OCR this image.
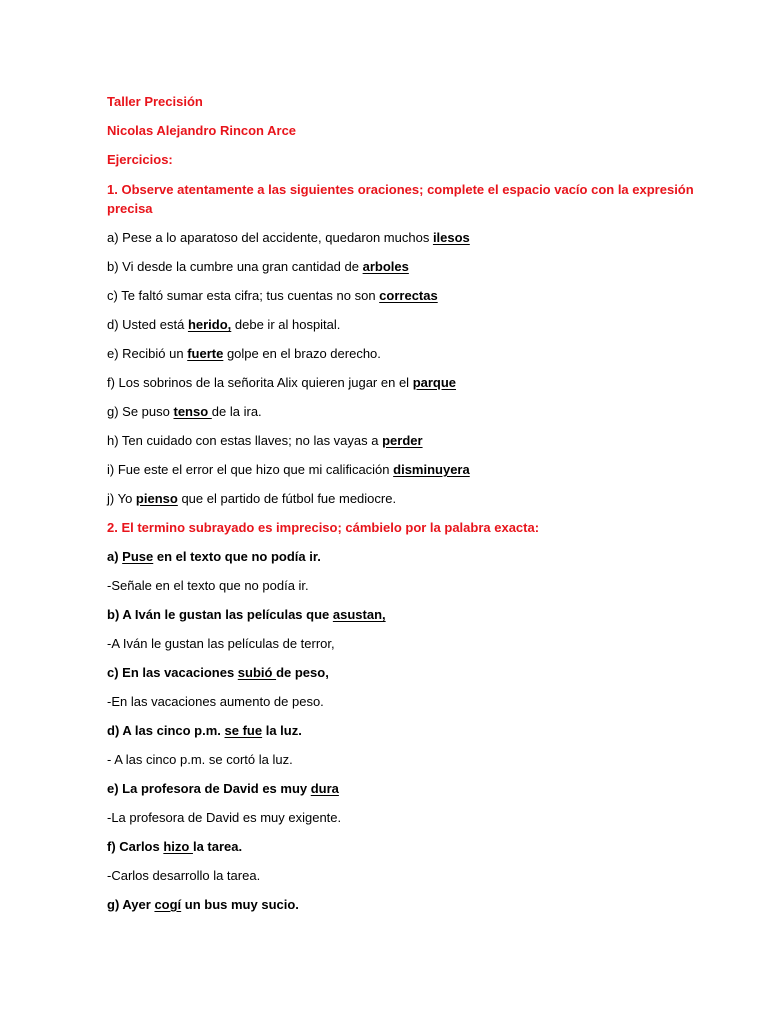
Taller Precisión

Nicolas Alejandro Rincon Arce

Ejercicios:

1. Observe atentamente a las siguientes oraciones; complete el espacio vacío con la expresión precisa

a) Pese a lo aparatoso del accidente, quedaron muchos ilesos

b) Vi desde la cumbre una gran cantidad de arboles

c) Te faltó sumar esta cifra; tus cuentas no son correctas

d) Usted está herido, debe ir al hospital.

e) Recibió un fuerte golpe en el brazo derecho.

f) Los sobrinos de la señorita Alix quieren jugar en el parque

g) Se puso tenso de la ira.

h) Ten cuidado con estas llaves; no las vayas a perder

i) Fue este el error el que hizo que mi calificación disminuyera

j) Yo pienso que el partido de fútbol fue mediocre.

2. El termino subrayado es impreciso; cámbielo por la palabra exacta:

a) Puse en el texto que no podía ir.

-Señale en el texto que no podía ir.

b) A Iván le gustan las películas que asustan,

-A Iván le gustan las películas de terror,

c) En las vacaciones subió de peso,

-En las vacaciones aumento de peso.

d) A las cinco p.m. se fue la luz.

- A las cinco p.m. se cortó la luz.

e) La profesora de David es muy dura

-La profesora de David es muy exigente.

f) Carlos hizo la tarea.

-Carlos desarrollo la tarea.

g) Ayer cogí un bus muy sucio.
